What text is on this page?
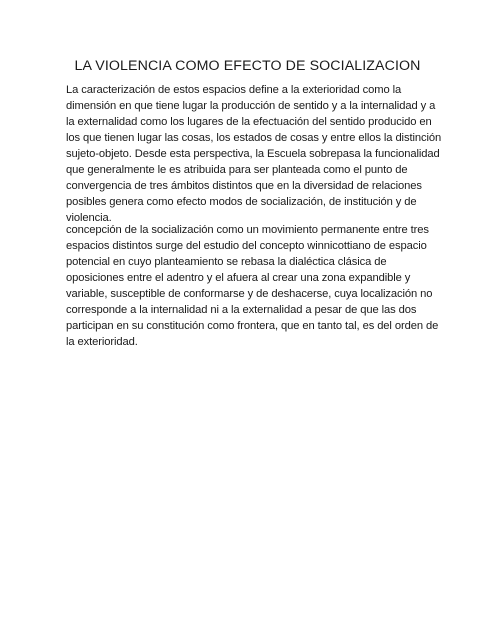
LA VIOLENCIA COMO EFECTO DE SOCIALIZACION

La caracterización de estos espacios define a la exterioridad como la
dimensión en que tiene lugar la producción de sentido y a la internalidad y a
la externalidad como los lugares de la efectuación del sentido producido en
los que tienen lugar las cosas, los estados de cosas y entre ellos la distinción
sujeto-objeto. Desde esta perspectiva, la Escuela sobrepasa la funcionalidad
que generalmente le es atribuida para ser planteada como el punto de
convergencia de tres ámbitos distintos que en la diversidad de relaciones
posibles genera como efecto modos de socialización, de institución y de
violencia.

concepción de la socialización como un movimiento permanente entre tres
espacios distintos surge del estudio del concepto winnicottiano de espacio
potencial en cuyo planteamiento se rebasa la dialéctica clásica de
oposiciones entre el adentro y el afuera al crear una zona expandible y
variable, susceptible de conformarse y de deshacerse, cuya localización no
corresponde a la internalidad ni a la externalidad a pesar de que las dos
participan en su constitución como frontera, que en tanto tal, es del orden de
la exterioridad.
